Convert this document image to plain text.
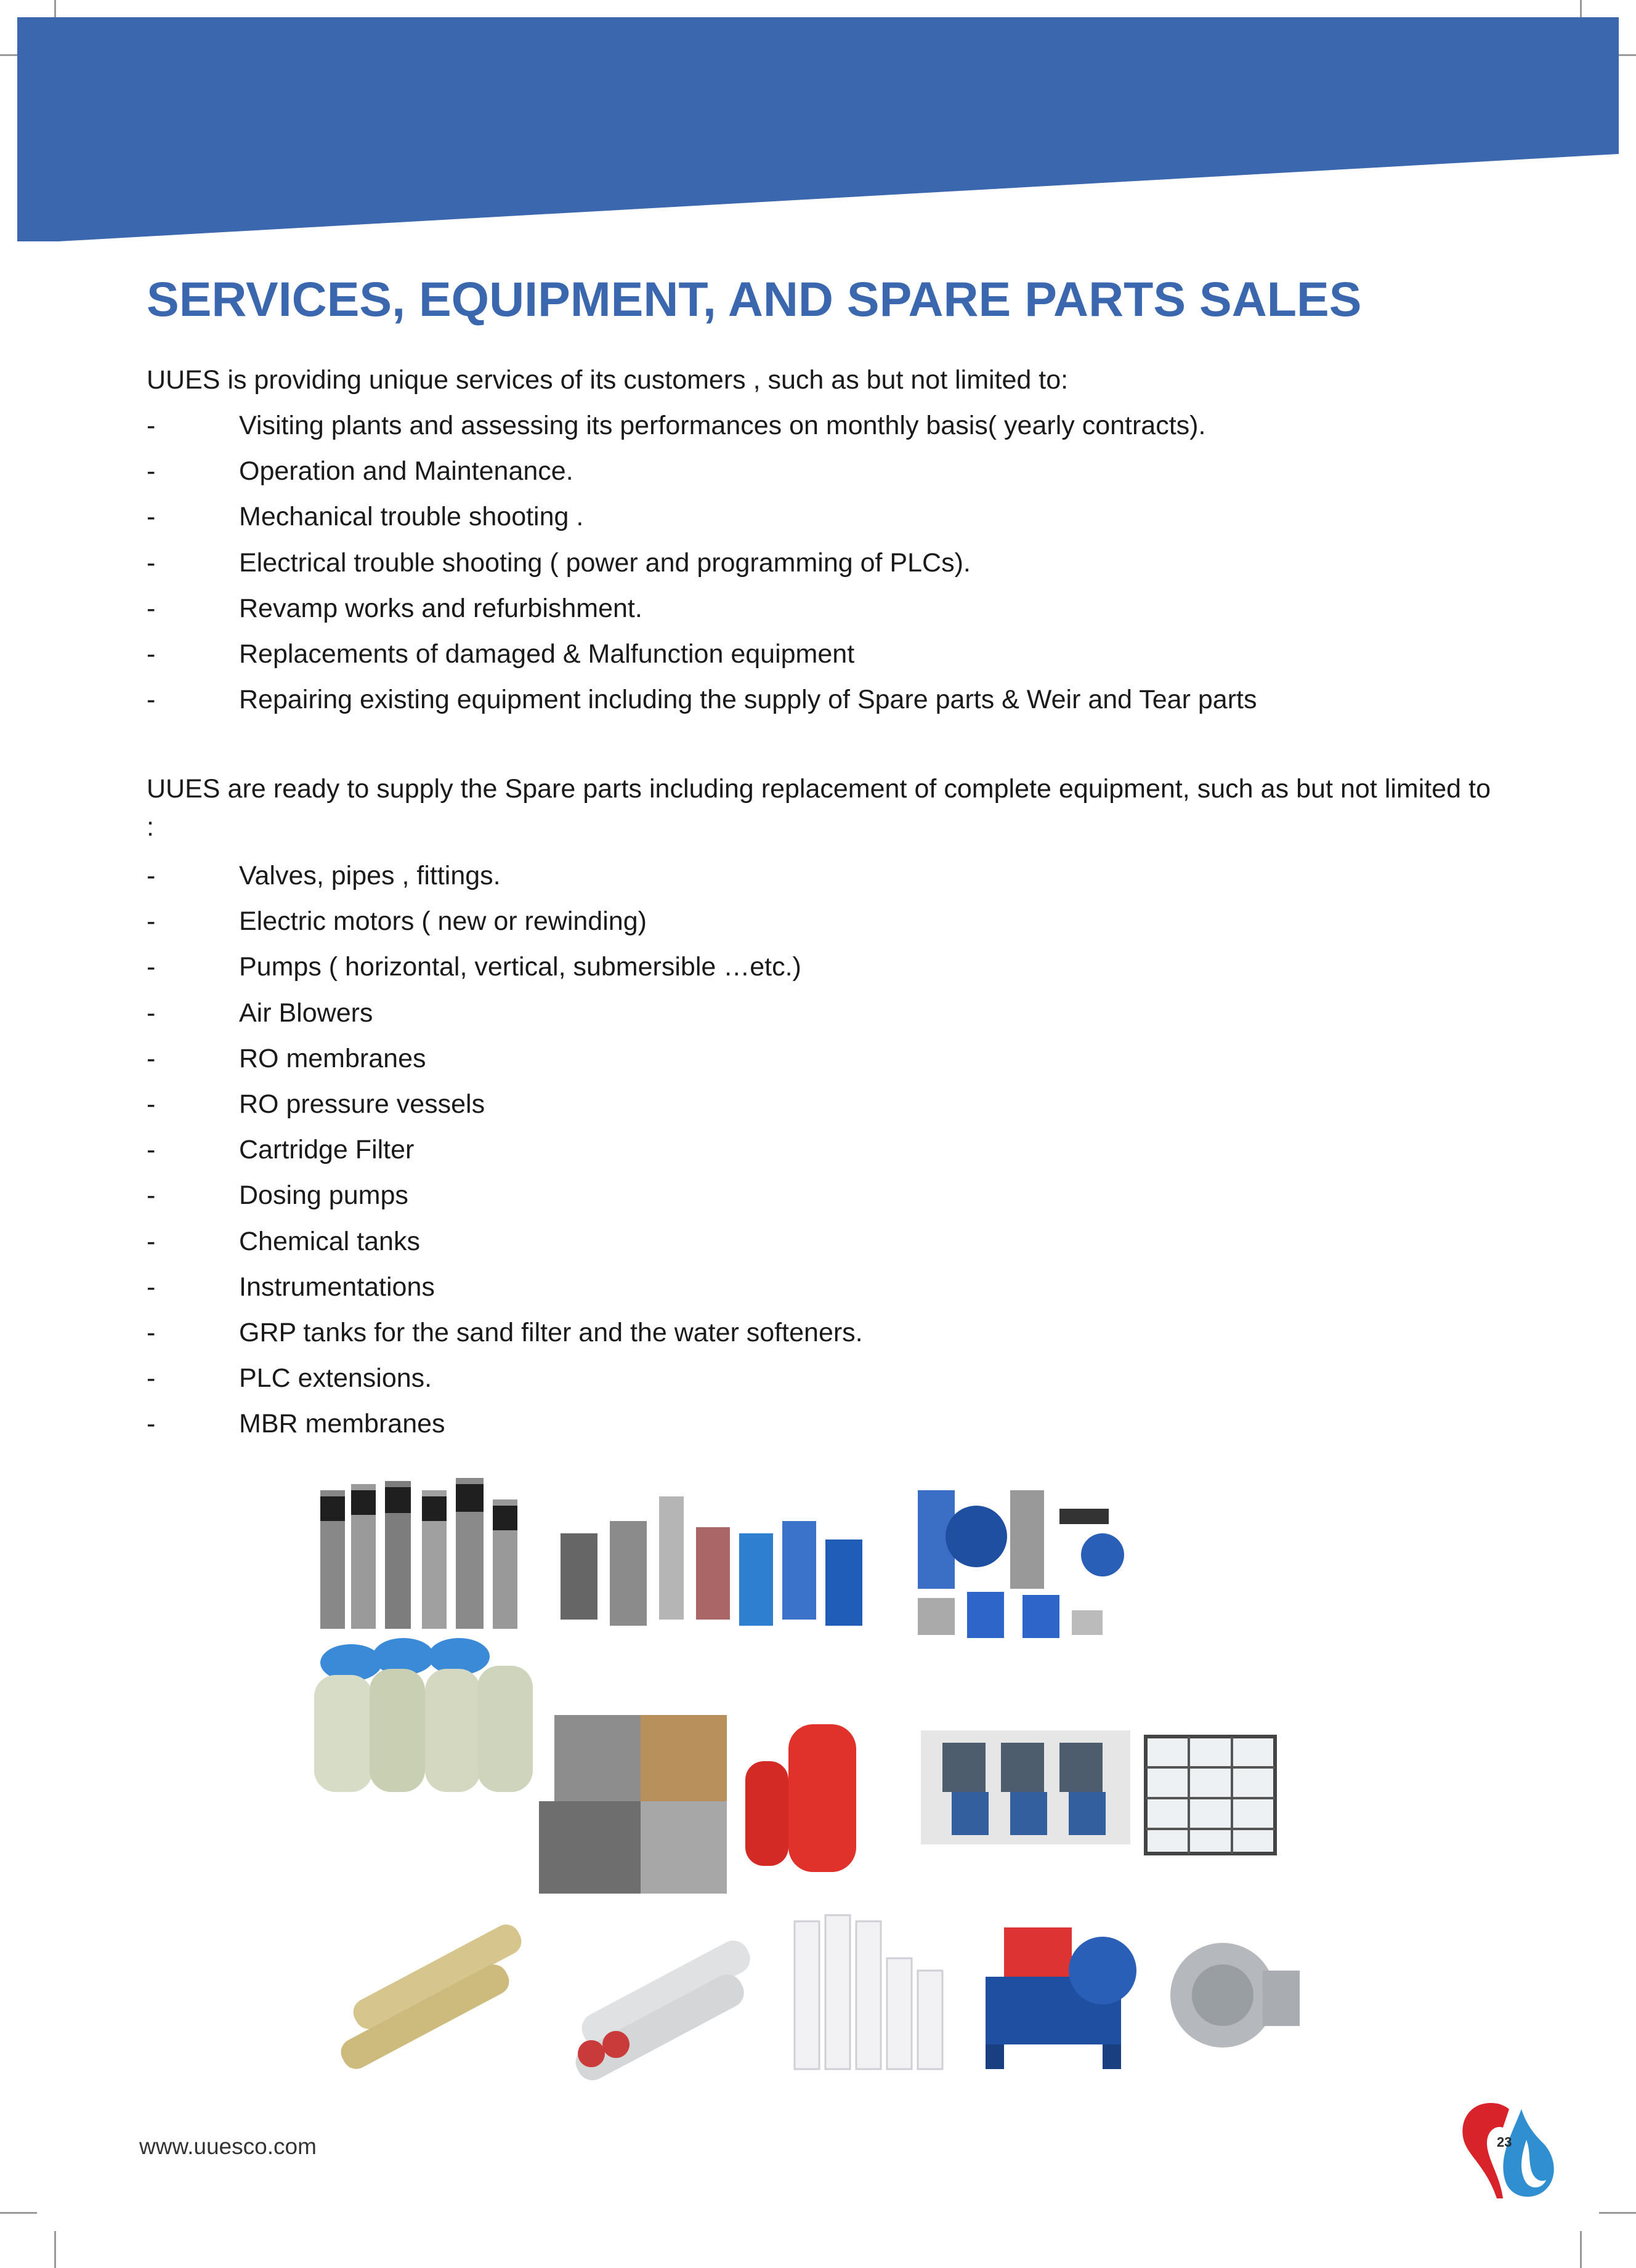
SERVICES, EQUIPMENT, AND SPARE PARTS SALES
UUES is providing unique services of its customers , such as but not limited to:
-	Visiting plants and assessing its performances on monthly basis( yearly contracts).
-	Operation and Maintenance.
-	Mechanical trouble shooting .
-	Electrical trouble shooting ( power and programming of PLCs).
-	Revamp works and refurbishment.
-	Replacements of damaged & Malfunction equipment
-	Repairing existing equipment including the supply of Spare parts & Weir and Tear parts
UUES are ready to supply the Spare parts including replacement of complete equipment, such as but not limited to :
-	Valves, pipes , fittings.
-	Electric motors ( new or rewinding)
-	Pumps ( horizontal, vertical, submersible …etc.)
-	Air Blowers
-	RO membranes
-	RO pressure vessels
-	Cartridge Filter
-	Dosing pumps
-	Chemical tanks
-	Instrumentations
-	GRP tanks for the sand filter and the water softeners.
-	PLC extensions.
-	MBR membranes
www.uuesco.com	23
